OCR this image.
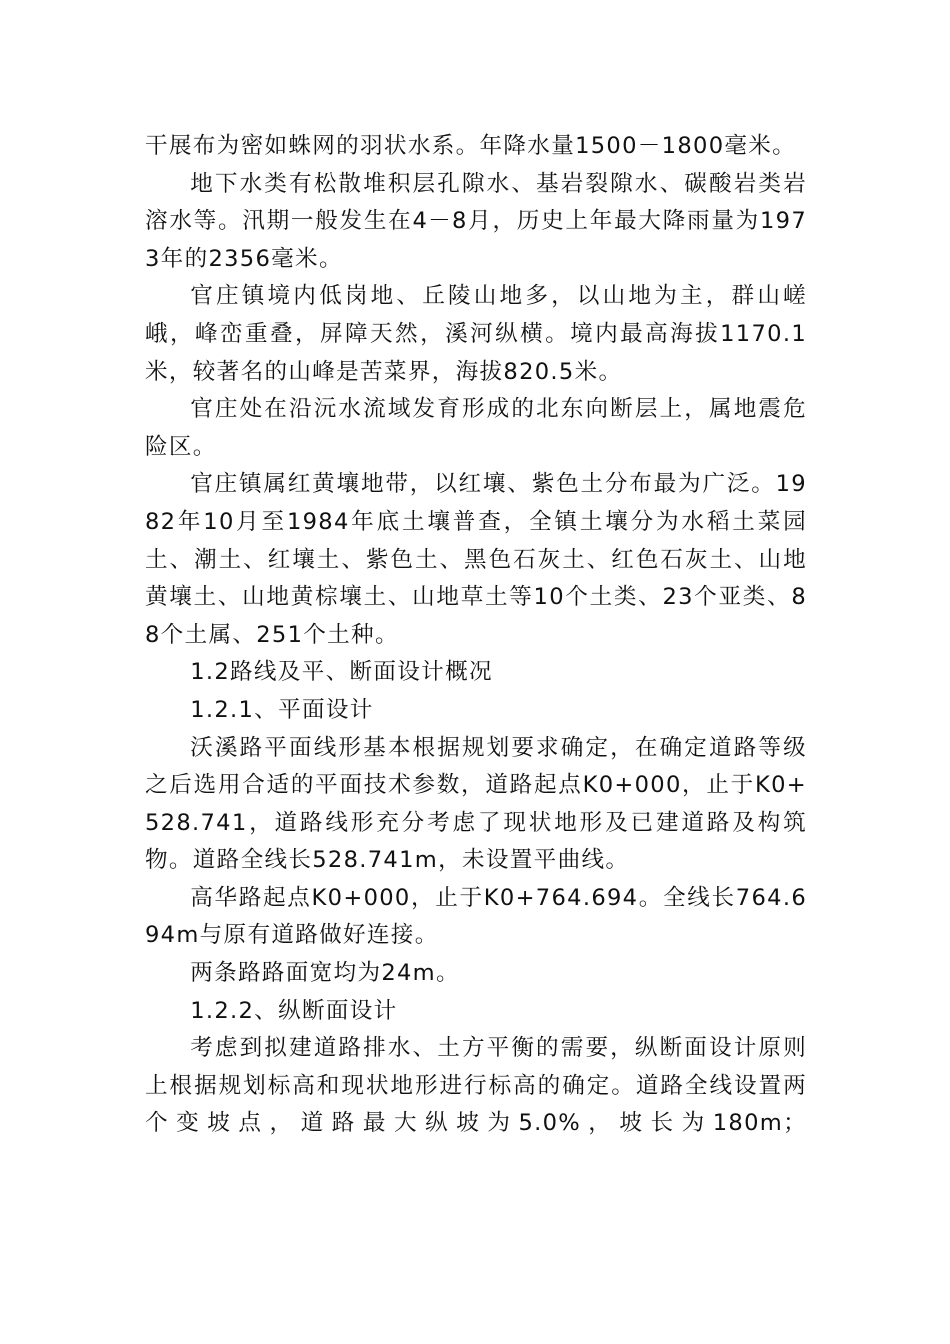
干展布为密如蛛网的羽状水系。年降水量1500－1800毫米。

地下水类有松散堆积层孔隙水、基岩裂隙水、碳酸岩类岩溶水等。汛期一般发生在4－8月，历史上年最大降雨量为1973年的2356毫米。

官庄镇境内低岗地、丘陵山地多，以山地为主，群山嵯峨，峰峦重叠，屏障天然，溪河纵横。境内最高海拔1170.1米，较著名的山峰是苦菜界，海拔820.5米。

官庄处在沿沅水流域发育形成的北东向断层上，属地震危险区。

官庄镇属红黄壤地带，以红壤、紫色土分布最为广泛。1982年10月至1984年底土壤普查，全镇土壤分为水稻土菜园土、潮土、红壤土、紫色土、黑色石灰土、红色石灰土、山地黄壤土、山地黄棕壤土、山地草土等10个土类、23个亚类、88个土属、251个土种。

1.2路线及平、断面设计概况

1.2.1、平面设计

沃溪路平面线形基本根据规划要求确定，在确定道路等级之后选用合适的平面技术参数，道路起点K0+000，止于K0+528.741，道路线形充分考虑了现状地形及已建道路及构筑物。道路全线长528.741m，未设置平曲线。

高华路起点K0+000，止于K0+764.694。全线长764.694m与原有道路做好连接。

两条路路面宽均为24m。

1.2.2、纵断面设计

考虑到拟建道路排水、土方平衡的需要，纵断面设计原则上根据规划标高和现状地形进行标高的确定。道路全线设置两个变坡点，道路最大纵坡为5.0%，坡长为180m；
